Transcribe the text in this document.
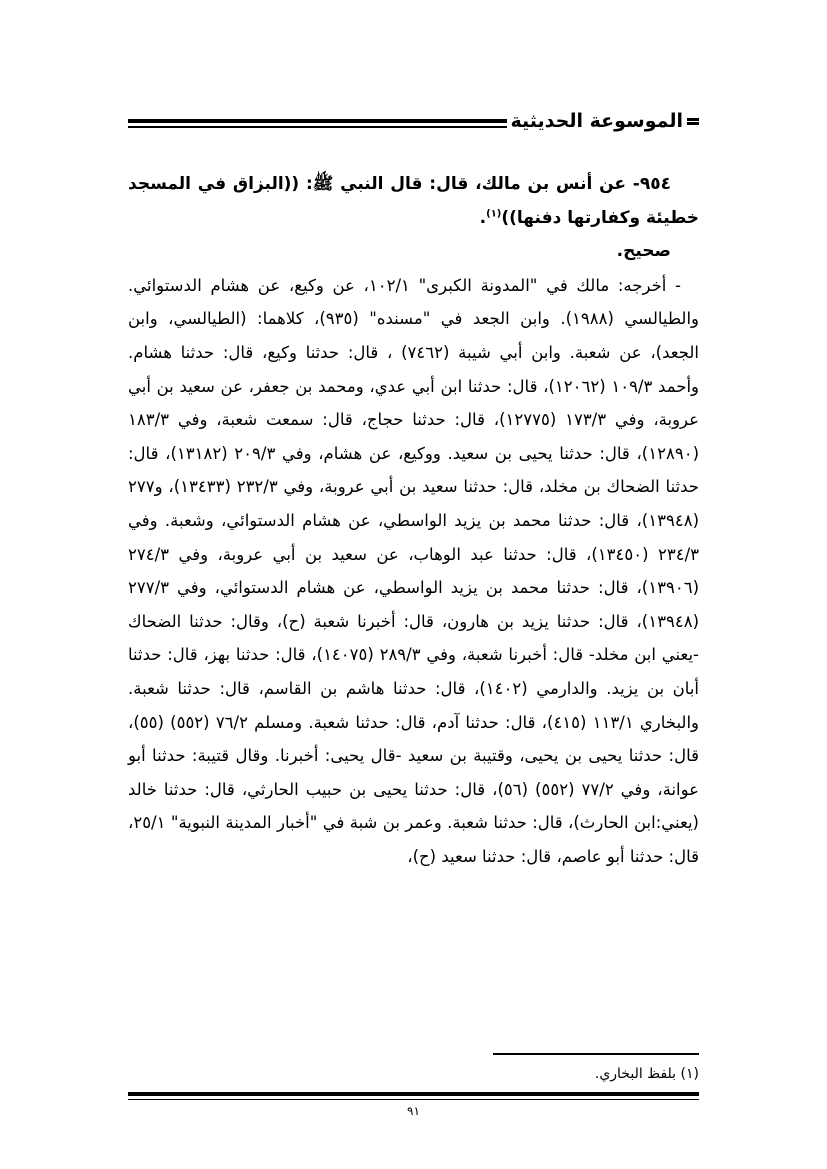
الموسوعة الحديثية

٩٥٤- عن أنس بن مالك، قال: قال النبي ﷺ: ((البزاق في المسجد خطيئة وكفارتها دفنها))$^{(١)}$.

صحيح.

- أخرجه: مالك في "المدونة الكبرى" ١٠٢/١، عن وكيع، عن هشام الدستوائي. والطيالسي (١٩٨٨). وابن الجعد في "مسنده" (٩٣٥)، كلاهما: (الطيالسي، وابن الجعد)، عن شعبة. وابن أبي شيبة (٧٤٦٢) ، قال: حدثنا وكيع، قال: حدثنا هشام. وأحمد ١٠٩/٣ (١٢٠٦٢)، قال: حدثنا ابن أبي عدي، ومحمد بن جعفر، عن سعيد بن أبي عروبة، وفي ١٧٣/٣ (١٢٧٧٥)، قال: حدثنا حجاج، قال: سمعت شعبة، وفي ١٨٣/٣ (١٢٨٩٠)، قال: حدثنا يحيى بن سعيد. ووكيع، عن هشام، وفي ٢٠٩/٣ (١٣١٨٢)، قال: حدثنا الضحاك بن مخلد، قال: حدثنا سعيد بن أبي عروبة، وفي ٢٣٢/٣ (١٣٤٣٣)، و٢٧٧ (١٣٩٤٨)، قال: حدثنا محمد بن يزيد الواسطي، عن هشام الدستوائي، وشعبة. وفي ٢٣٤/٣ (١٣٤٥٠)، قال: حدثنا عبد الوهاب، عن سعيد بن أبي عروبة، وفي ٢٧٤/٣ (١٣٩٠٦)، قال: حدثنا محمد بن يزيد الواسطي، عن هشام الدستوائي، وفي ٢٧٧/٣ (١٣٩٤٨)، قال: حدثنا يزيد بن هارون، قال: أخبرنا شعبة (ح)، وقال: حدثنا الضحاك -يعني ابن مخلد- قال: أخبرنا شعبة، وفي ٢٨٩/٣ (١٤٠٧٥)، قال: حدثنا بهز، قال: حدثنا أبان بن يزيد. والدارمي (١٤٠٢)، قال: حدثنا هاشم بن القاسم، قال: حدثنا شعبة. والبخاري ١١٣/١ (٤١٥)، قال: حدثنا آدم، قال: حدثنا شعبة. ومسلم ٧٦/٢ (٥٥٢) (٥٥)، قال: حدثنا يحيى بن يحيى، وقتيبة بن سعيد -قال يحيى: أخبرنا. وقال قتيبة: حدثنا أبو عوانة، وفي ٧٧/٢ (٥٥٢) (٥٦)، قال: حدثنا يحيى بن حبيب الحارثي، قال: حدثنا خالد (يعني:ابن الحارث)، قال: حدثنا شعبة. وعمر بن شبة في "أخبار المدينة النبوية" ٢٥/١، قال: حدثنا أبو عاصم، قال: حدثنا سعيد (ح)،

(١) بلفظ البخاري.
٩١
